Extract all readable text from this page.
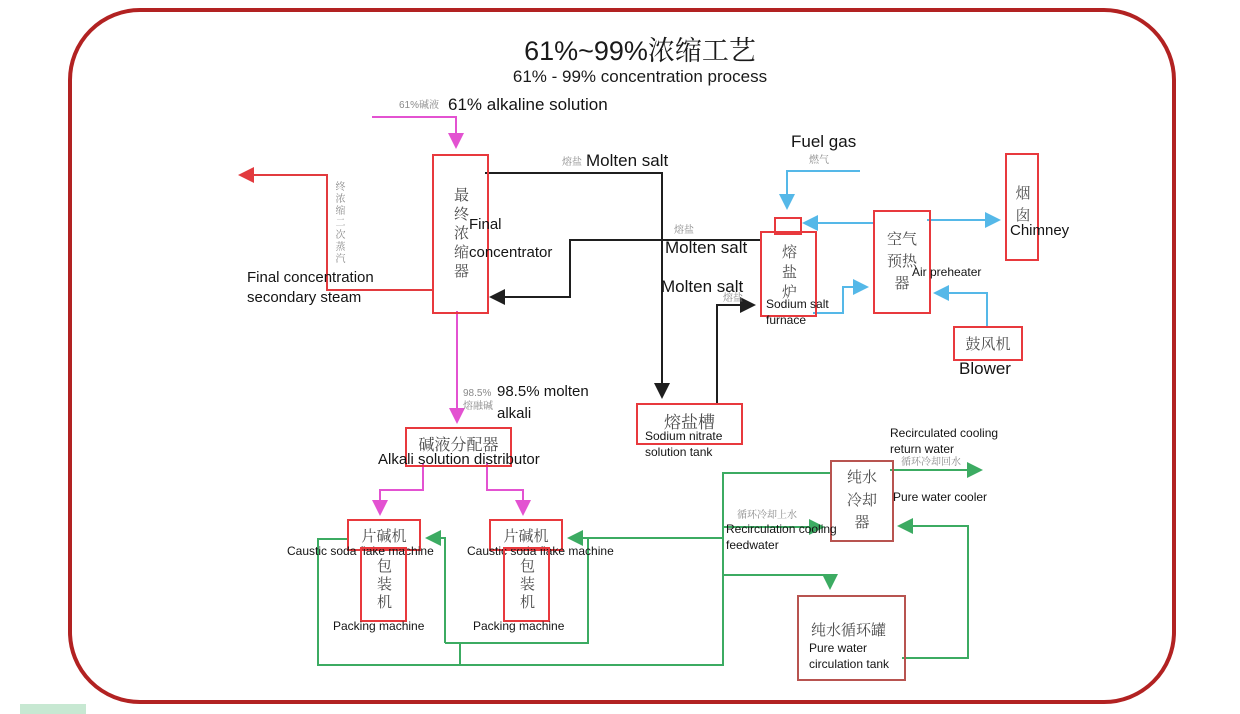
61%~99%浓缩工艺
61% - 99% concentration process
最终浓缩器 Final concentrator	熔盐炉
Sodium salt furnace
空气预热器
Air preheater
烟囱
Chimney
鼓风机
Blower
熔盐槽
Sodium nitrate solution tank
碱液分配器
Alkali solution distributor
片碱机
Caustic soda flake machine
片碱机
Caustic soda flake machine
包装机
Packing machine
包装机
Packing machine
纯水冷却器
Pure water cooler
纯水循环罐
Pure water circulation tank
61%碱液 61% alkaline solution
熔盐 Molten salt
熔盐
Molten salt
Molten salt
熔盐
Fuel gas
燃气
终浓缩二次蒸汽
Final concentration secondary steam
98.5% 熔融碱
98.5% molten alkali
Recirculated cooling return water
循环冷却回水
循环冷却上水
Recirculation cooling feedwater
